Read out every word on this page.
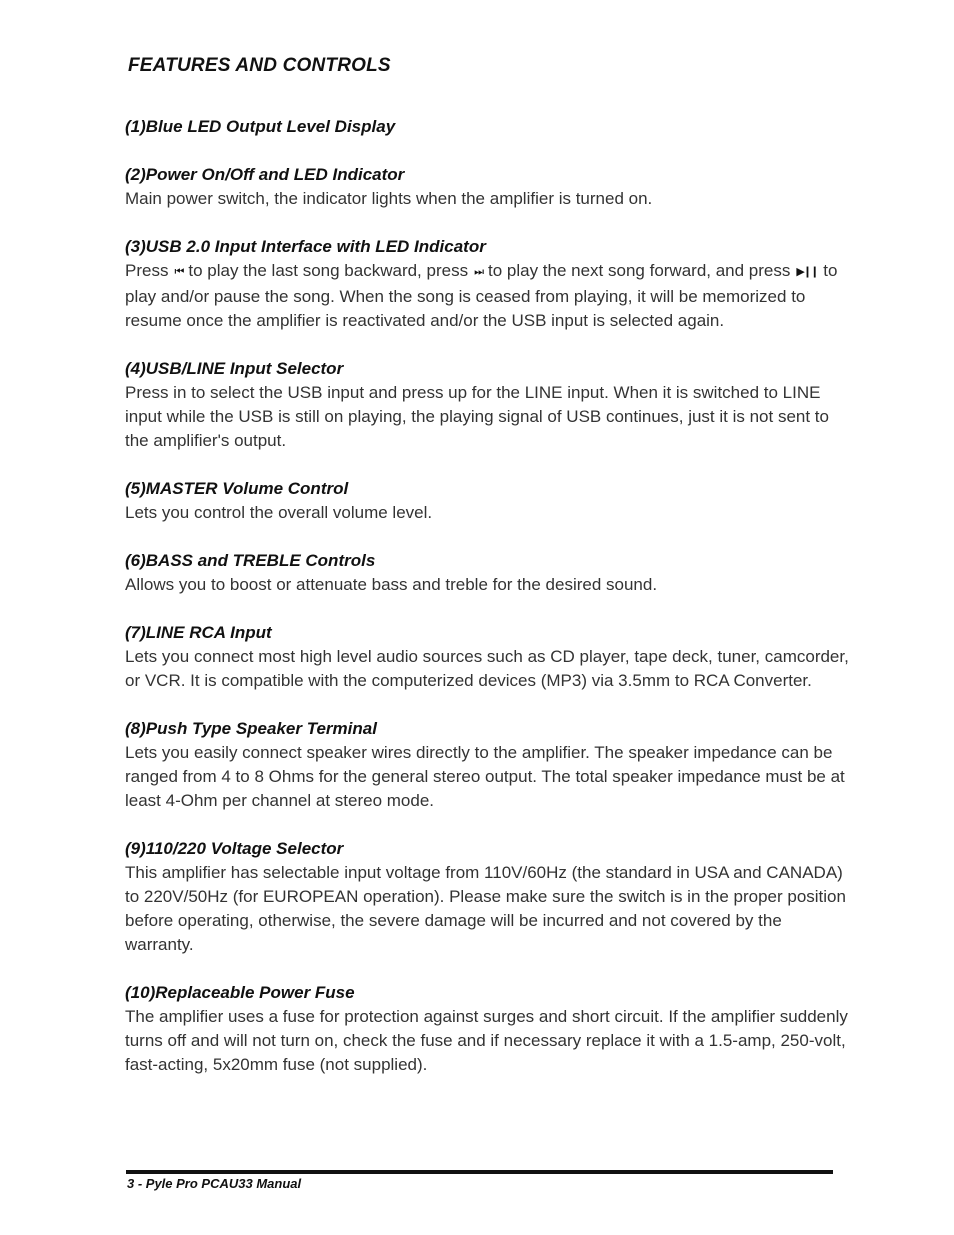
FEATURES AND CONTROLS

(1)Blue LED Output Level Display

(2)Power On/Off and LED Indicator

Main power switch, the indicator lights when the amplifier is turned on.

(3)USB 2.0 Input Interface with LED Indicator

Press ⏮ to play the last song backward, press ⏭ to play the next song forward, and press ▶❙❙ to play and/or pause the song. When the song is ceased from playing, it will be memorized to resume once the amplifier is reactivated and/or the USB input is selected again.

(4)USB/LINE Input Selector

Press in to select the USB input and press up for the LINE input. When it is switched to LINE input while the USB is still on playing, the playing signal of USB continues, just it is not sent to the amplifier's output.

(5)MASTER Volume Control

Lets you control the overall volume level.

(6)BASS and TREBLE Controls

Allows you to boost or attenuate bass and treble for the desired sound.

(7)LINE RCA Input

Lets you connect most high level audio sources such as CD player, tape deck, tuner, camcorder, or VCR. It is compatible with the computerized devices (MP3) via 3.5mm to RCA Converter.

(8)Push Type Speaker Terminal

Lets you easily connect speaker wires directly to the amplifier. The speaker impedance can be ranged from 4 to 8 Ohms for the general stereo output. The total speaker impedance must be at least 4-Ohm per channel at stereo mode.

(9)110/220 Voltage Selector

This amplifier has selectable input voltage from 110V/60Hz (the standard in USA and CANADA) to 220V/50Hz (for EUROPEAN operation). Please make sure the switch is in the proper position before operating, otherwise, the severe damage will be incurred and not covered by the warranty.

(10)Replaceable Power Fuse

The amplifier uses a fuse for protection against surges and short circuit. If the amplifier suddenly turns off and will not turn on, check the fuse and if necessary replace it with a 1.5-amp, 250-volt, fast-acting, 5x20mm fuse (not supplied).

3 - Pyle Pro PCAU33 Manual
